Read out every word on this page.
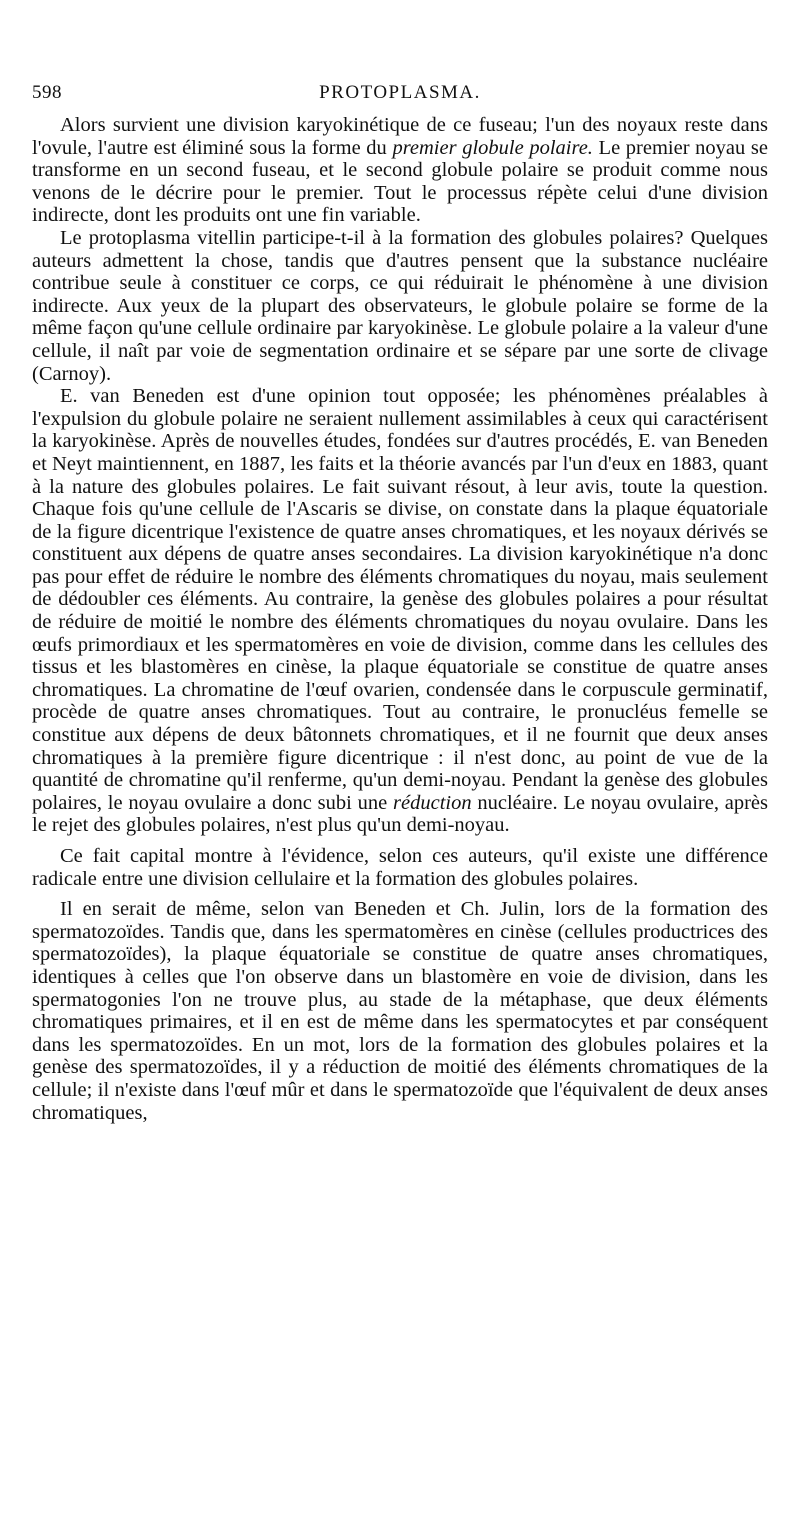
598	PROTOPLASMA.

Alors survient une division karyokinétique de ce fuseau; l'un des noyaux reste dans l'ovule, l'autre est éliminé sous la forme du premier globule polaire. Le premier noyau se transforme en un second fuseau, et le second globule polaire se produit comme nous venons de le décrire pour le premier. Tout le processus répète celui d'une division indirecte, dont les produits ont une fin variable.

Le protoplasma vitellin participe-t-il à la formation des globules polaires? Quelques auteurs admettent la chose, tandis que d'autres pensent que la substance nucléaire contribue seule à constituer ce corps, ce qui réduirait le phénomène à une division indirecte. Aux yeux de la plupart des observateurs, le globule polaire se forme de la même façon qu'une cellule ordinaire par karyokinèse. Le globule polaire a la valeur d'une cellule, il naît par voie de segmentation ordinaire et se sépare par une sorte de clivage (Carnoy).

E. van Beneden est d'une opinion tout opposée; les phénomènes préalables à l'expulsion du globule polaire ne seraient nullement assimilables à ceux qui caractérisent la karyokinèse. Après de nouvelles études, fondées sur d'autres procédés, E. van Beneden et Neyt maintiennent, en 1887, les faits et la théorie avancés par l'un d'eux en 1883, quant à la nature des globules polaires. Le fait suivant résout, à leur avis, toute la question. Chaque fois qu'une cellule de l'Ascaris se divise, on constate dans la plaque équatoriale de la figure dicentrique l'existence de quatre anses chromatiques, et les noyaux dérivés se constituent aux dépens de quatre anses secondaires. La division karyokinétique n'a donc pas pour effet de réduire le nombre des éléments chromatiques du noyau, mais seulement de dédoubler ces éléments. Au contraire, la genèse des globules polaires a pour résultat de réduire de moitié le nombre des éléments chromatiques du noyau ovulaire. Dans les œufs primordiaux et les spermatomères en voie de division, comme dans les cellules des tissus et les blastomères en cinèse, la plaque équatoriale se constitue de quatre anses chromatiques. La chromatine de l'œuf ovarien, condensée dans le corpuscule germinatif, procède de quatre anses chromatiques. Tout au contraire, le pronucléus femelle se constitue aux dépens de deux bâtonnets chromatiques, et il ne fournit que deux anses chromatiques à la première figure dicentrique : il n'est donc, au point de vue de la quantité de chromatine qu'il renferme, qu'un demi-noyau. Pendant la genèse des globules polaires, le noyau ovulaire a donc subi une réduction nucléaire. Le noyau ovulaire, après le rejet des globules polaires, n'est plus qu'un demi-noyau.

Ce fait capital montre à l'évidence, selon ces auteurs, qu'il existe une différence radicale entre une division cellulaire et la formation des globules polaires.

Il en serait de même, selon van Beneden et Ch. Julin, lors de la formation des spermatozoïdes. Tandis que, dans les spermatomères en cinèse (cellules productrices des spermatozoïdes), la plaque équatoriale se constitue de quatre anses chromatiques, identiques à celles que l'on observe dans un blastomère en voie de division, dans les spermatogonies l'on ne trouve plus, au stade de la métaphase, que deux éléments chromatiques primaires, et il en est de même dans les spermatocytes et par conséquent dans les spermatozoïdes. En un mot, lors de la formation des globules polaires et la genèse des spermatozoïdes, il y a réduction de moitié des éléments chromatiques de la cellule; il n'existe dans l'œuf mûr et dans le spermatozoïde que l'équivalent de deux anses chromatiques,
